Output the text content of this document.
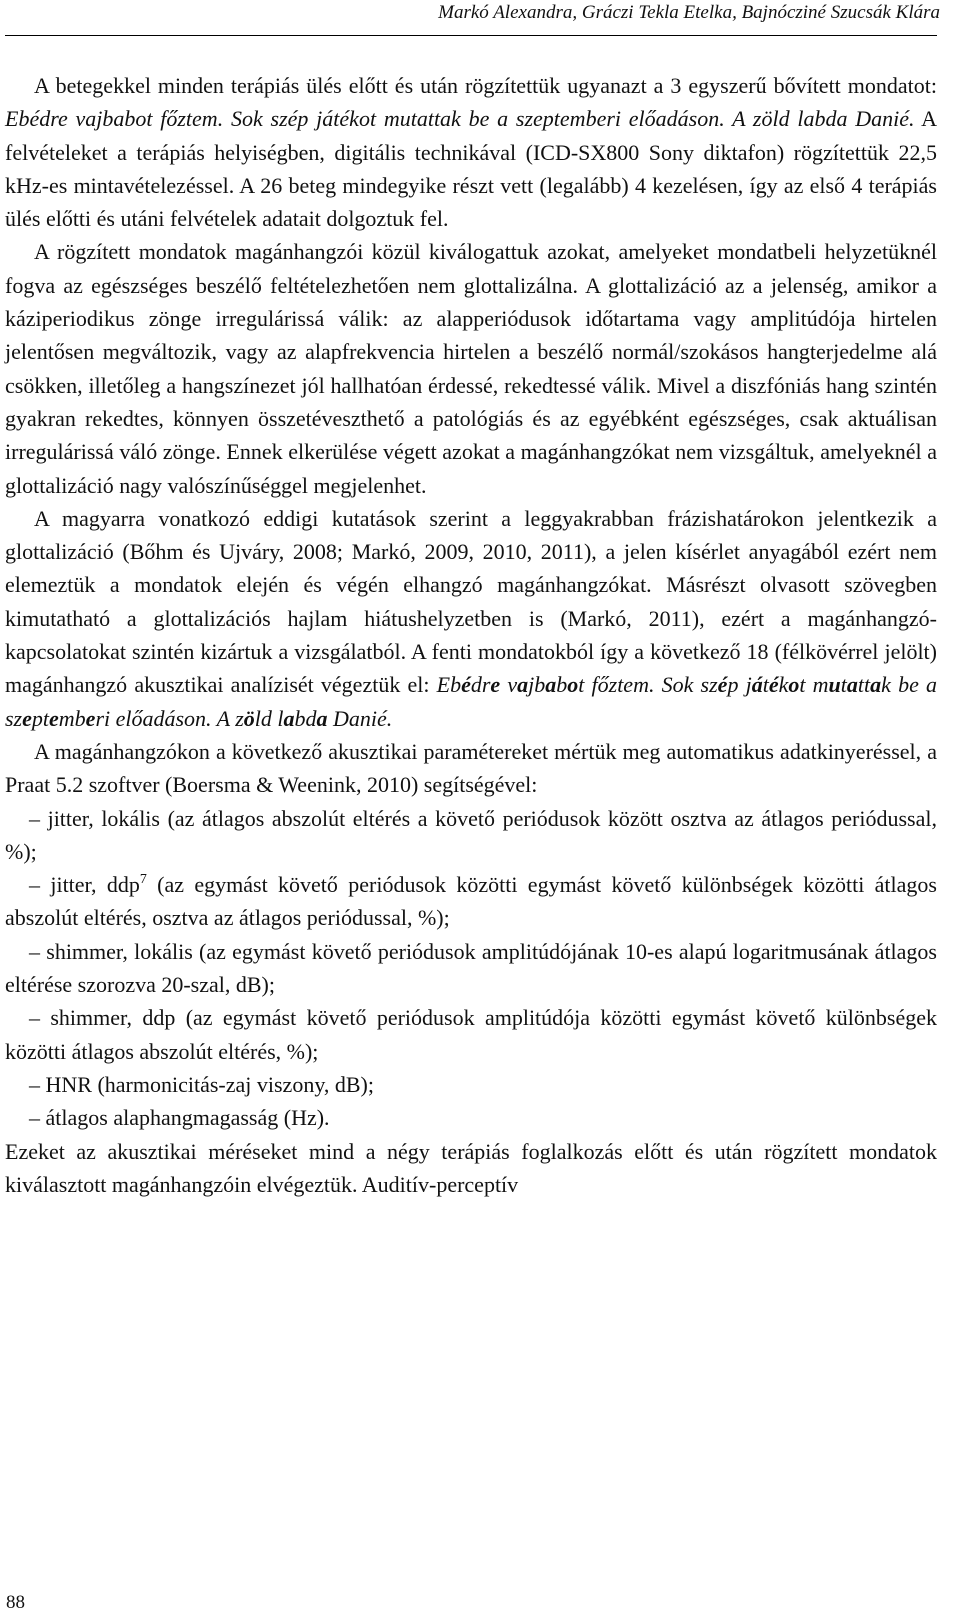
Markó Alexandra, Gráczi Tekla Etelka, Bajnócziné Szucsák Klára

A betegekkel minden terápiás ülés előtt és után rögzítettük ugyanazt a 3 egyszerű bővített mondatot: Ebédre vajbabot főztem. Sok szép játékot mutattak be a szeptemberi előadáson. A zöld labda Danié. A felvételeket a terápiás helyiségben, digitális technikával (ICD-SX800 Sony diktafon) rögzítettük 22,5 kHz-es mintavételezéssel. A 26 beteg mindegyike részt vett (legalább) 4 kezelésen, így az első 4 terápiás ülés előtti és utáni felvételek adatait dolgoztuk fel.

A rögzített mondatok magánhangzói közül kiválogattuk azokat, amelyeket mondatbeli helyzetüknél fogva az egészséges beszélő feltételezhetően nem glottalizálna. A glottalizáció az a jelenség, amikor a káziperiodikus zönge irregulárissá válik: az alapperiódusok időtartama vagy amplitúdója hirtelen jelentősen megváltozik, vagy az alapfrekvencia hirtelen a beszélő normál/szokásos hangterjedelme alá csökken, illetőleg a hangszínezet jól hallhatóan érdessé, rekedtessé válik. Mivel a diszfóniás hang szintén gyakran rekedtes, könnyen összetéveszthető a patológiás és az egyébként egészséges, csak aktuálisan irregulárissá váló zönge. Ennek elkerülése végett azokat a magánhangzókat nem vizsgáltuk, amelyeknél a glottalizáció nagy valószínűséggel megjelenhet.

A magyarra vonatkozó eddigi kutatások szerint a leggyakrabban frázishatárokon jelentkezik a glottalizáció (Bőhm és Ujváry, 2008; Markó, 2009, 2010, 2011), a jelen kísérlet anyagából ezért nem elemeztük a mondatok elején és végén elhangzó magánhangzókat. Másrészt olvasott szövegben kimutatható a glottalizációs hajlam hiátushelyzetben is (Markó, 2011), ezért a magánhangzó-kapcsolatokat szintén kizártuk a vizsgálatból. A fenti mondatokból így a következő 18 (félkövérrel jelölt) magánhangzó akusztikai analízisét végeztük el: Ebédre vajbabot főztem. Sok szép játékot mutattak be a szeptemberi előadáson. A zöld labda Danié.

A magánhangzókon a következő akusztikai paramétereket mértük meg automatikus adatkinyeréssel, a Praat 5.2 szoftver (Boersma & Weenink, 2010) segítségével:

– jitter, lokális (az átlagos abszolút eltérés a követő periódusok között osztva az átlagos periódussal, %);

– jitter, ddp$^7$ (az egymást követő periódusok közötti egymást követő különbségek közötti átlagos abszolút eltérés, osztva az átlagos periódussal, %);

– shimmer, lokális (az egymást követő periódusok amplitúdójának 10-es alapú logaritmusának átlagos eltérése szorozva 20-szal, dB);

– shimmer, ddp (az egymást követő periódusok amplitúdója közötti egymást követő különbségek közötti átlagos abszolút eltérés, %);

– HNR (harmonicitás-zaj viszony, dB);

– átlagos alaphangmagasság (Hz).

Ezeket az akusztikai méréseket mind a négy terápiás foglalkozás előtt és után rögzített mondatok kiválasztott magánhangzóin elvégeztük. Auditív-perceptív

88
